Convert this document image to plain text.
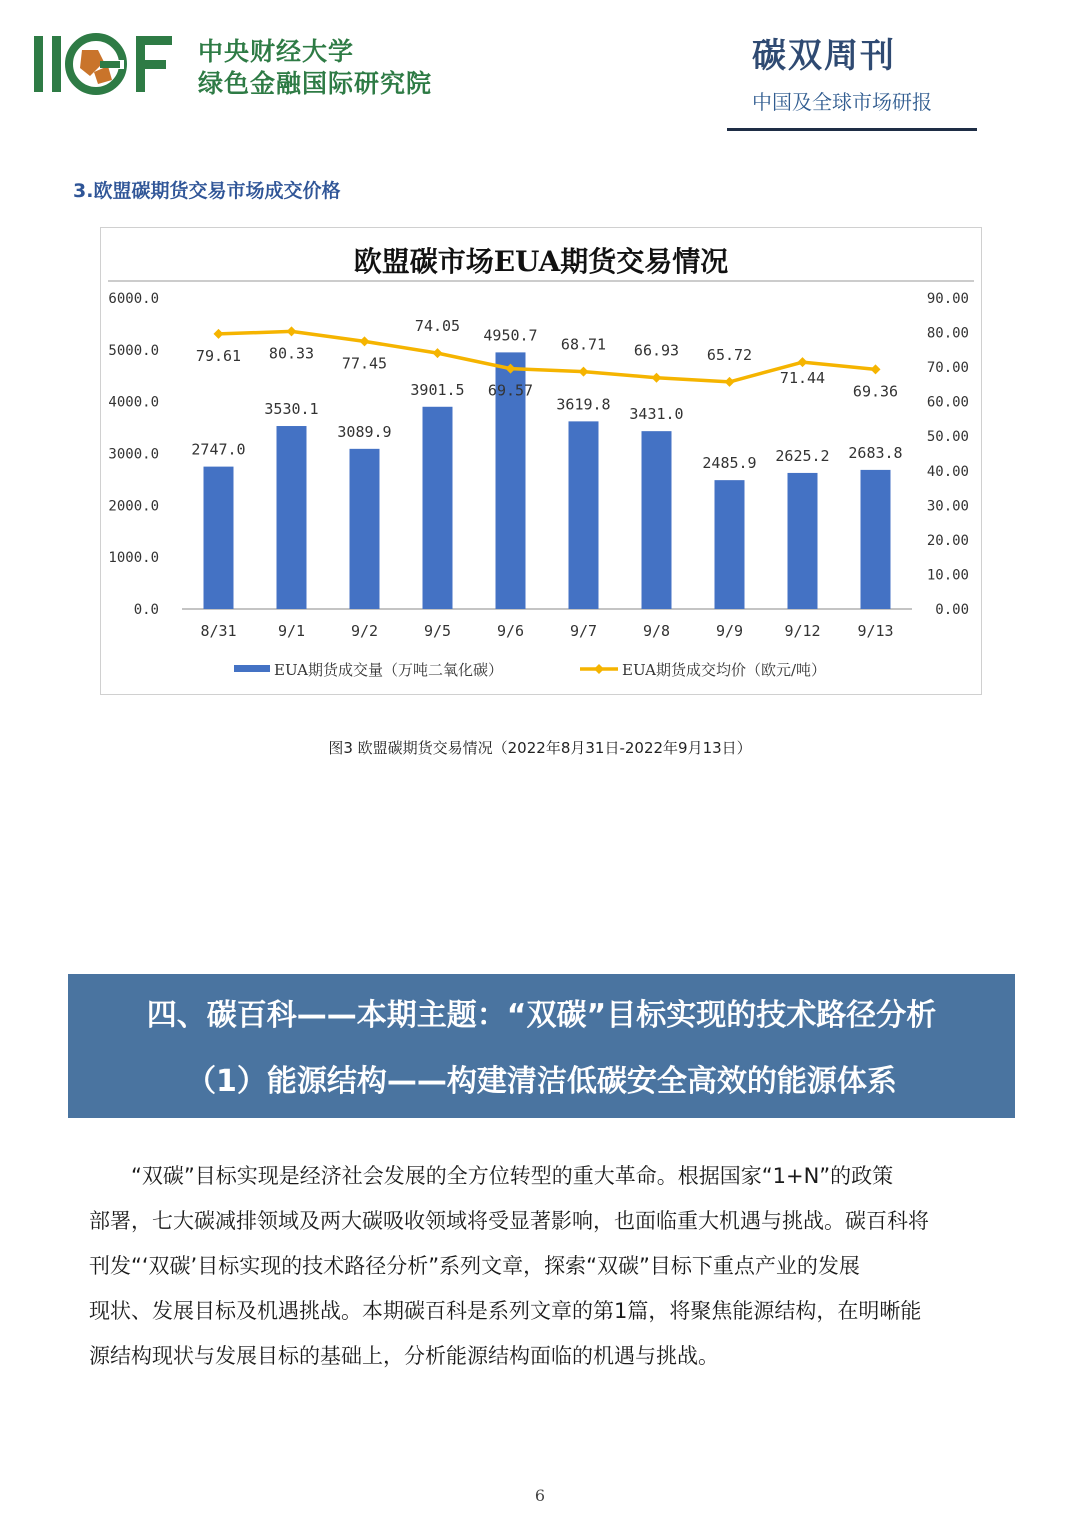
中央财经大学
绿色金融国际研究院
碳双周刊
中国及全球市场研报
3.欧盟碳期货交易市场成交价格
欧盟碳市场EUA期货交易情况
0.0
1000.0
2000.0
3000.0
4000.0
5000.0
6000.0
0.00
10.00
20.00
30.00
40.00
50.00
60.00
70.00
80.00
90.00
2747.0
3530.1
3089.9
3901.5
4950.7
3619.8
3431.0
2485.9 2625.2 2683.8
79.61 80.33
77.45
74.05
69.57
68.71 66.93 65.72
71.44
69.36
8/31	9/1	9/2	9/5	9/6	9/7	9/8	9/9	9/12 9/13
EUA期货成交量（万吨二氧化碳）	EUA期货成交均价（欧元/吨）
图3 欧盟碳期货交易情况（2022年8月31日-2022年9月13日）
四、碳百科——本期主题：“双碳”目标实现的技术路径分析
（1）能源结构——构建清洁低碳安全高效的能源体系
　　“双碳”目标实现是经济社会发展的全方位转型的重大革命。根据国家“1+N”的政策
部署，七大碳减排领域及两大碳吸收领域将受显著影响，也面临重大机遇与挑战。碳百科将
刊发“‘双碳’目标实现的技术路径分析”系列文章，探索“双碳”目标下重点产业的发展
现状、发展目标及机遇挑战。本期碳百科是系列文章的第1篇，将聚焦能源结构，在明晰能
源结构现状与发展目标的基础上，分析能源结构面临的机遇与挑战。
6
